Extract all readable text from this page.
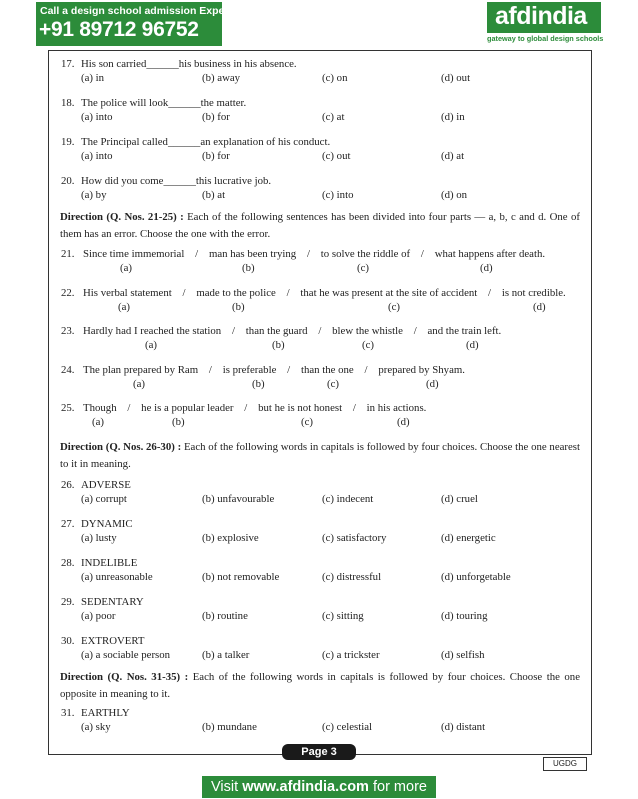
Call a design school admission Expert on
+91 89712 96752	afdindia
gateway to global design schools
17. His son carried______his business in his absence.
(a) in	(b) away	(c) on	(d) out
18. The police will look______the matter.
(a) into	(b) for	(c) at	(d) in
19. The Principal called______an explanation of his conduct.
(a) into	(b) for	(c) out	(d) at
20. How did you come______this lucrative job.
(a) by	(b) at	(c) into	(d) on
Direction (Q. Nos. 21-25) : Each of the following sentences has been divided into four parts — a, b, c and d. One of them has an error. Choose the one with the error.
21. Since time immemorial    /    man has been trying    /    to solve the riddle of    /    what happens after death.
(a)	(b)	(c)	(d)
22. His verbal statement    /    made to the police    /    that he was present at the site of accident    /    is not credible.
(a)	(b)	(c)	(d)
23. Hardly had I reached the station    /    than the guard    /    blew the whistle    /    and the train left.
(a)	(b)	(c)	(d)
24. The plan prepared by Ram    /    is preferable    /    than the one    /    prepared by Shyam.
(a)	(b)	(c)	(d)
25. Though    /    he is a popular leader    /    but he is not honest    /    in his actions.
(a)	(b)	(c)	(d)
Direction (Q. Nos. 26-30) : Each of the following words in capitals is followed by four choices. Choose the one nearest to it in meaning.
26. ADVERSE
(a) corrupt	(b) unfavourable	(c) indecent	(d) cruel
27. DYNAMIC
(a) lusty	(b) explosive	(c) satisfactory	(d) energetic
28. INDELIBLE
(a) unreasonable	(b) not removable	(c) distressful	(d) unforgetable
29. SEDENTARY
(a) poor	(b) routine	(c) sitting	(d) touring
30. EXTROVERT
(a) a sociable person	(b) a talker	(c) a trickster	(d) selfish
Direction (Q. Nos. 31-35) : Each of the following words in capitals is followed by four choices. Choose the one opposite in meaning to it.
31. EARTHLY
(a) sky	(b) mundane	(c) celestial	(d) distant
Page 3
UGDG
Visit www.afdindia.com for more
